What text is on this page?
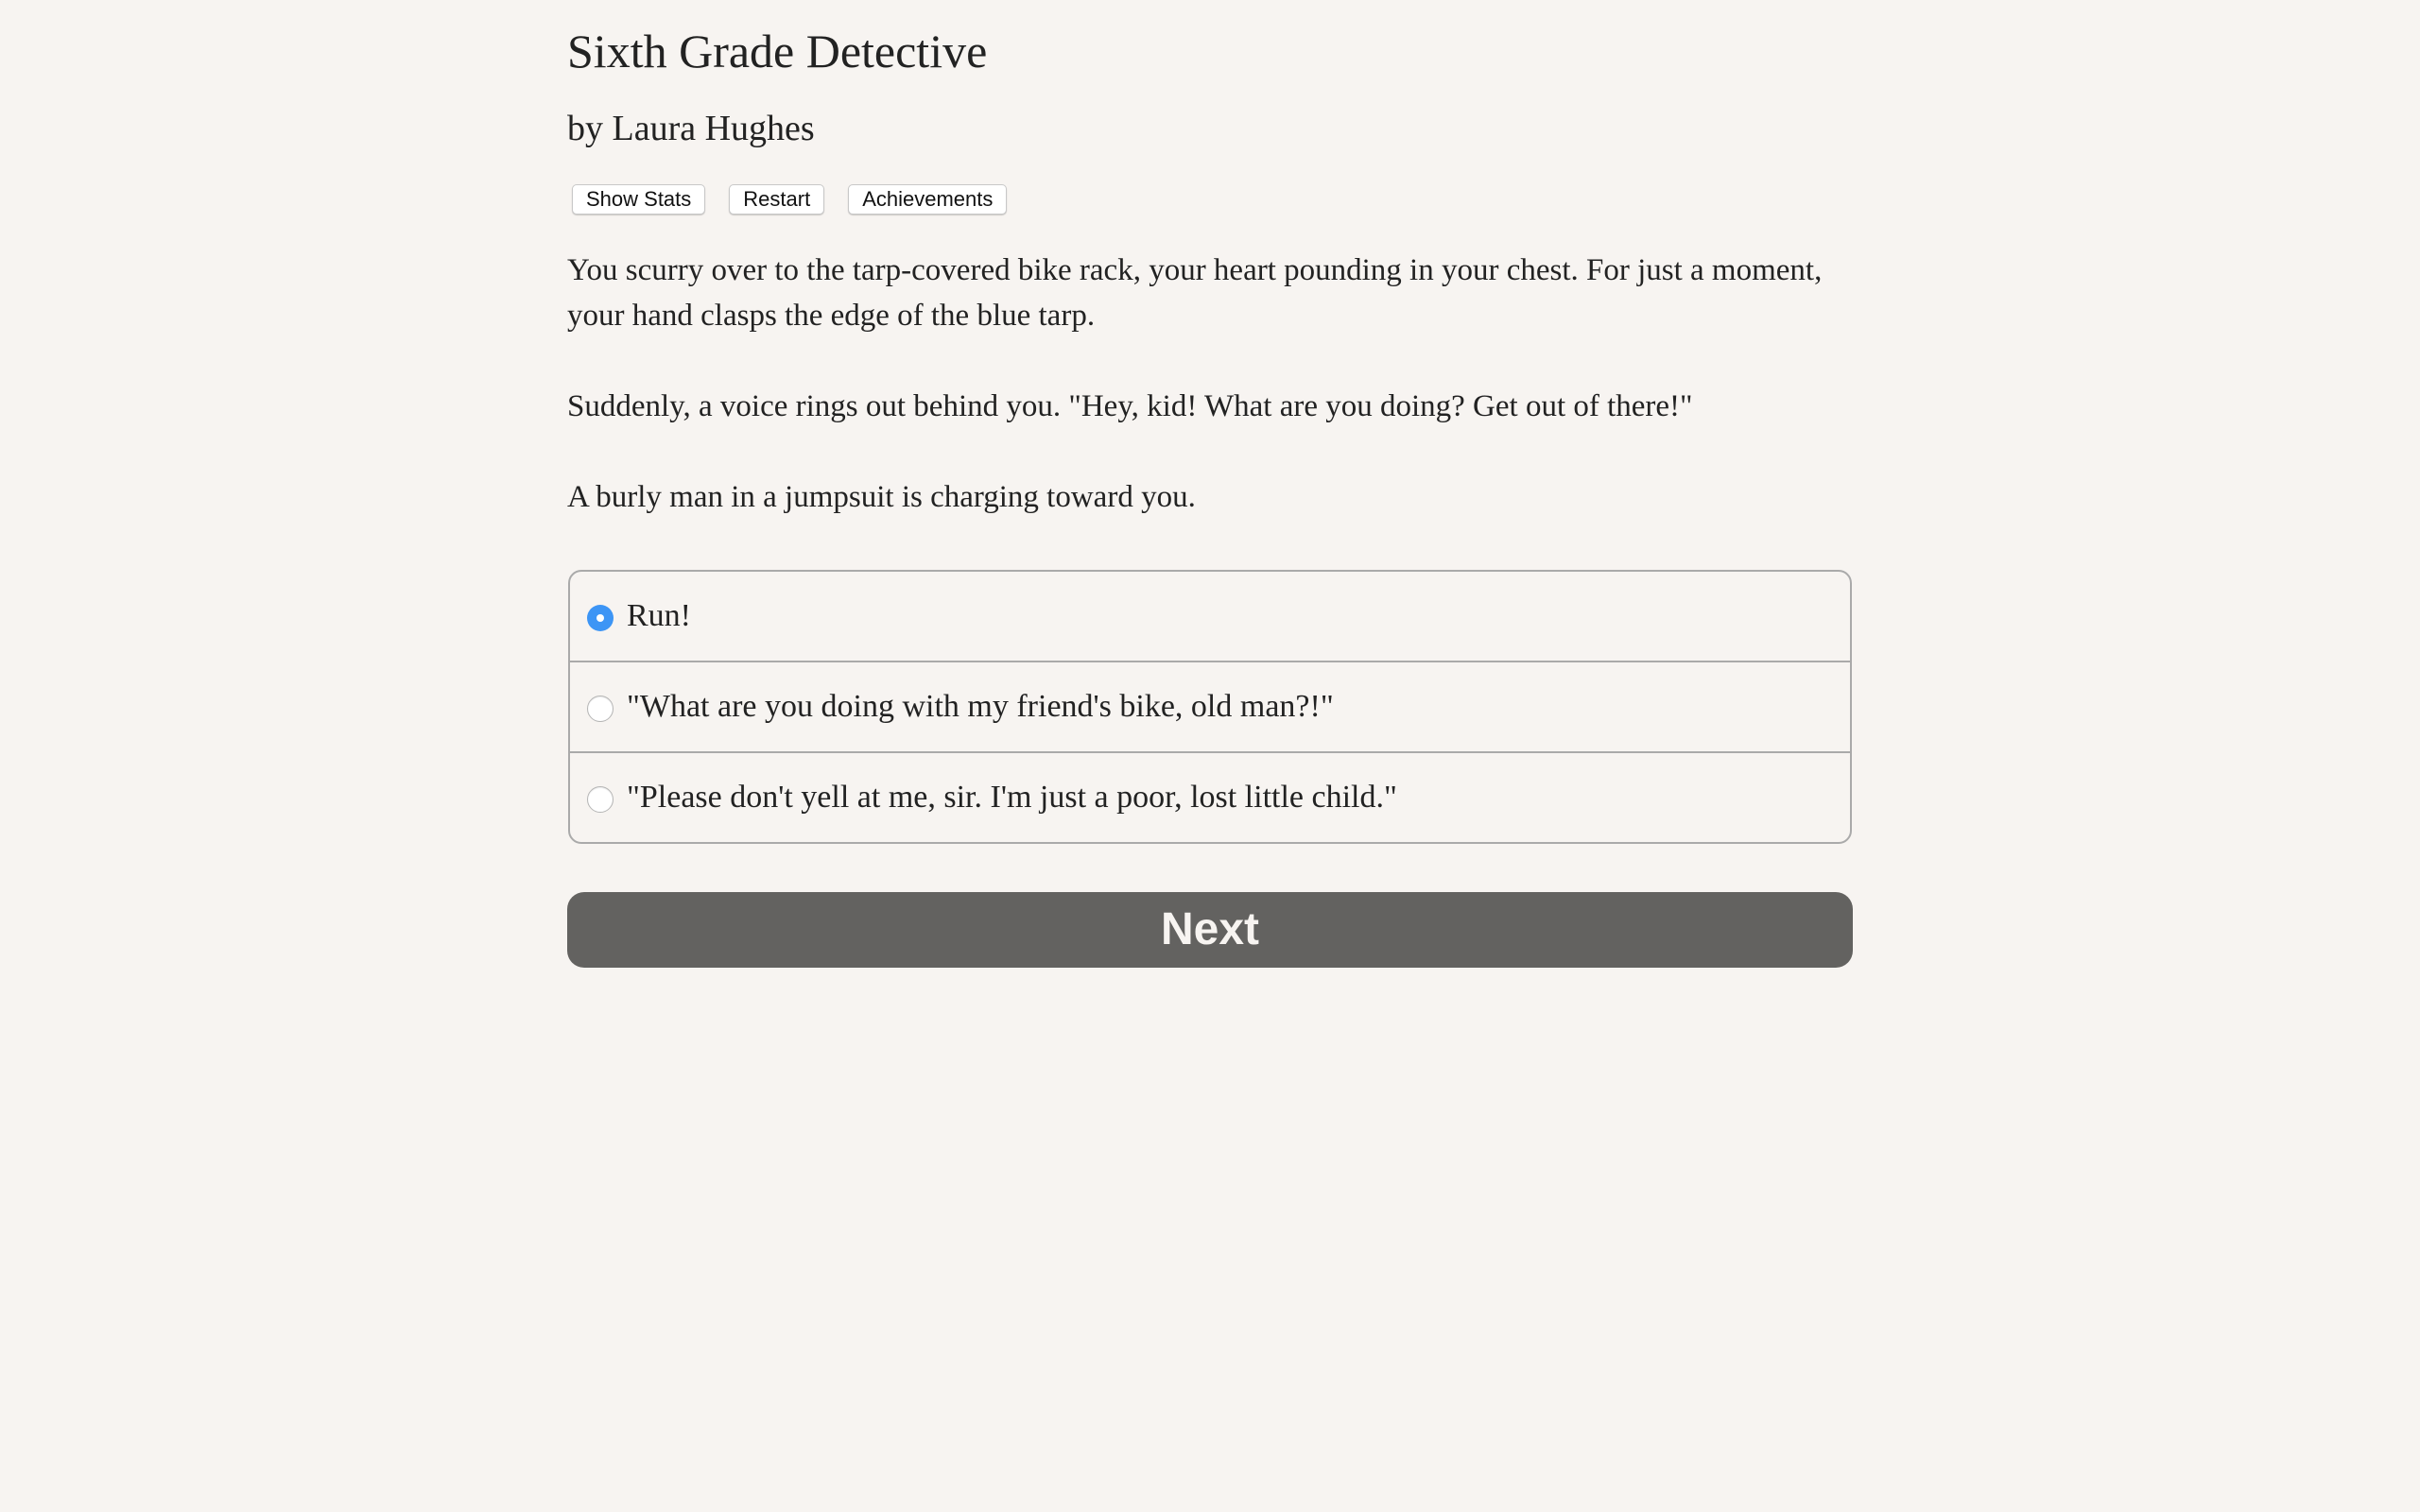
Sixth Grade Detective
by Laura Hughes
Show Stats	Restart	Achievements

You scurry over to the tarp-covered bike rack, your heart pounding in your chest. For just a moment, your hand clasps the edge of the blue tarp.

Suddenly, a voice rings out behind you. "Hey, kid! What are you doing? Get out of there!"

A burly man in a jumpsuit is charging toward you.

Run!
"What are you doing with my friend's bike, old man?!"
"Please don't yell at me, sir. I'm just a poor, lost little child."
Next
